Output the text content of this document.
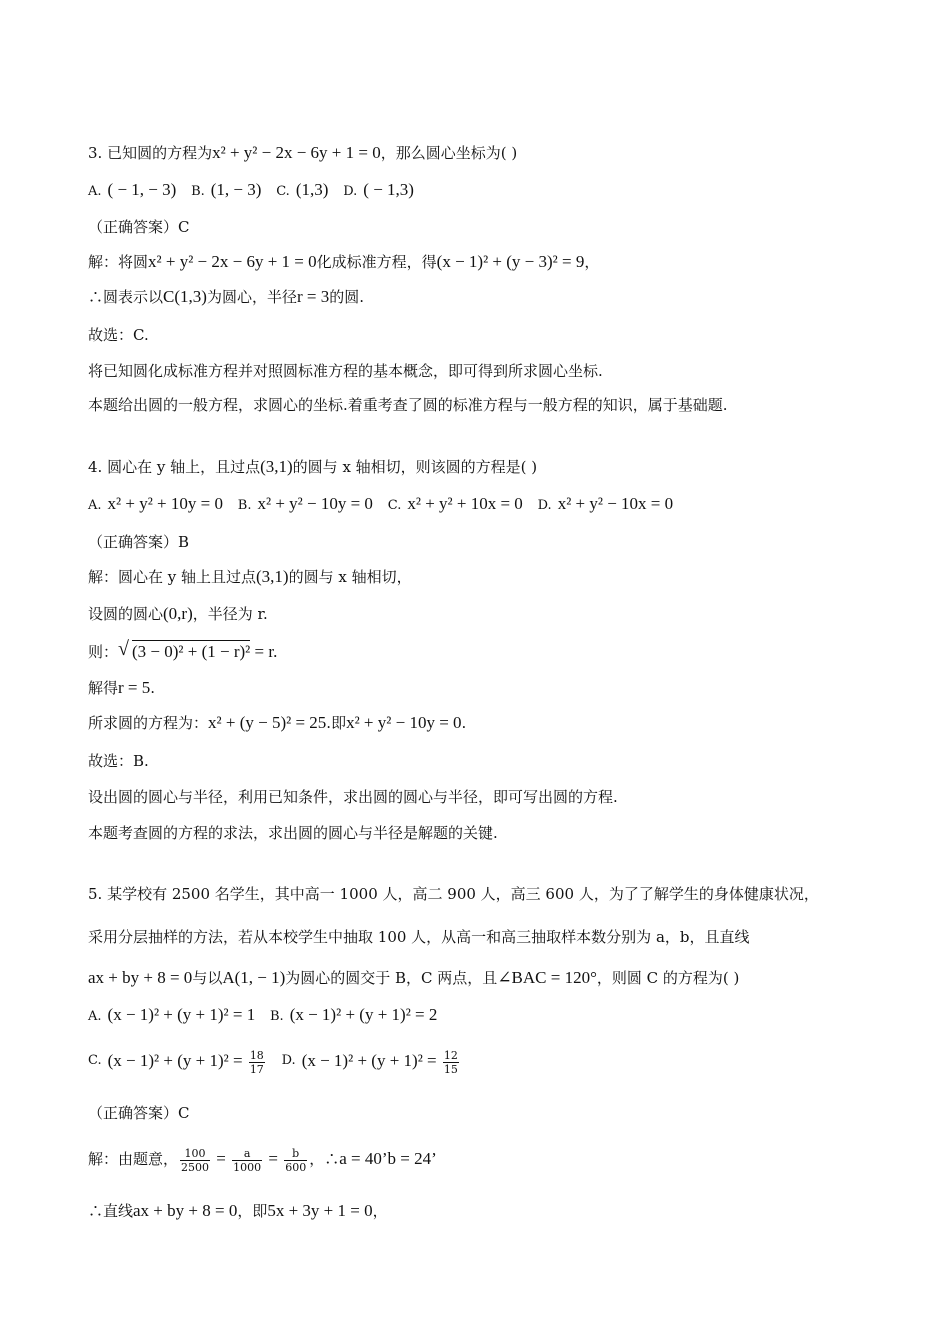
3. 已知圆的方程为x² + y² − 2x − 6y + 1 = 0，那么圆心坐标为( )
A. ( − 1, − 3) B. (1, − 3) C. (1,3) D. ( − 1,3)
（正确答案）C
解：将圆x² + y² − 2x − 6y + 1 = 0化成标准方程，得(x − 1)² + (y − 3)² = 9，
∴圆表示以C(1,3)为圆心，半径r = 3的圆.
故选：C.
将已知圆化成标准方程并对照圆标准方程的基本概念，即可得到所求圆心坐标.
本题给出圆的一般方程，求圆心的坐标.着重考查了圆的标准方程与一般方程的知识，属于基础题.
4. 圆心在 y 轴上，且过点(3,1)的圆与 x 轴相切，则该圆的方程是( )
A. x² + y² + 10y = 0 B. x² + y² − 10y = 0 C. x² + y² + 10x = 0 D. x² + y² − 10x = 0
（正确答案）B
解：圆心在 y 轴上且过点(3,1)的圆与 x 轴相切，
设圆的圆心(0,r)，半径为 r.
则： √ (3 − 0)² + (1 − r)² = r.
解得r = 5.
所求圆的方程为：x² + (y − 5)² = 25.即x² + y² − 10y = 0.
故选：B.
设出圆的圆心与半径，利用已知条件，求出圆的圆心与半径，即可写出圆的方程.
本题考查圆的方程的求法，求出圆的圆心与半径是解题的关键.
5. 某学校有 2500 名学生，其中高一 1000 人，高二 900 人，高三 600 人，为了了解学生的身体健康状况，
采用分层抽样的方法，若从本校学生中抽取 100 人，从高一和高三抽取样本数分别为 a，b，且直线
ax + by + 8 = 0与以A(1, − 1)为圆心的圆交于 B，C 两点，且∠BAC = 120°，则圆 C 的方程为( )
A. (x − 1)² + (y + 1)² = 1 B. (x − 1)² + (y + 1)² = 2
C. $(x - 1)^2 + (y + 1)^2 = \frac{18}{17} D$. $(x - 1)^2 + (y + 1)^2 = \frac{12}{15}$
（正确答案）C
解：由题意， $\frac{100}{2500} = \frac{a}{1000} = \frac{b}{600}$ ，∴a = 40’b = 24’
∴直线ax + by + 8 = 0，即5x + 3y + 1 = 0，
